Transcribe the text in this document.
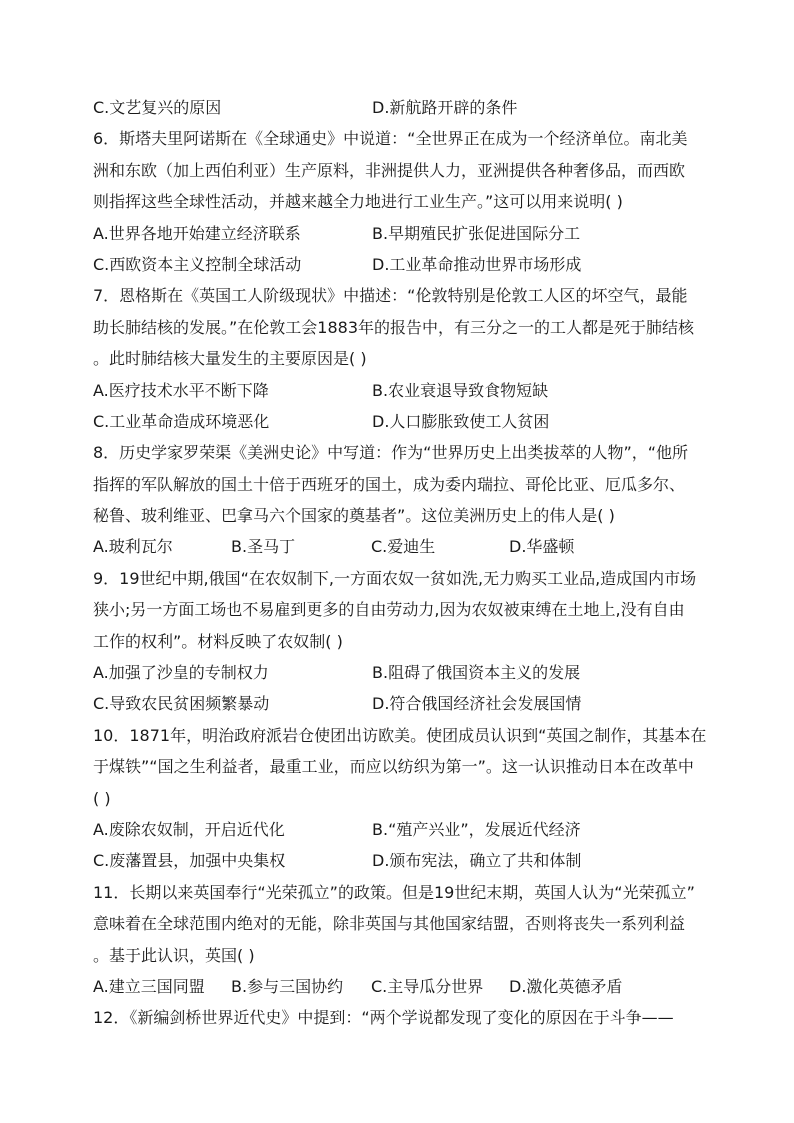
C.文艺复兴的原因	D.新航路开辟的条件
6．斯塔夫里阿诺斯在《全球通史》中说道：“全世界正在成为一个经济单位。南北美
洲和东欧（加上西伯利亚）生产原料，非洲提供人力，亚洲提供各种奢侈品，而西欧
则指挥这些全球性活动，并越来越全力地进行工业生产。”这可以用来说明( )
A.世界各地开始建立经济联系	B.早期殖民扩张促进国际分工
C.西欧资本主义控制全球活动	D.工业革命推动世界市场形成
7．恩格斯在《英国工人阶级现状》中描述：“伦敦特别是伦敦工人区的坏空气，最能
助长肺结核的发展。”在伦敦工会1883年的报告中，有三分之一的工人都是死于肺结核
。此时肺结核大量发生的主要原因是( )
A.医疗技术水平不断下降	B.农业衰退导致食物短缺
C.工业革命造成环境恶化	D.人口膨胀致使工人贫困
8．历史学家罗荣渠《美洲史论》中写道：作为“世界历史上出类拔萃的人物”，“他所
指挥的军队解放的国土十倍于西班牙的国土，成为委内瑞拉、哥伦比亚、厄瓜多尔、
秘鲁、玻利维亚、巴拿马六个国家的奠基者”。这位美洲历史上的伟人是( )
A.玻利瓦尔	B.圣马丁	C.爱迪生	D.华盛顿
9．19世纪中期,俄国“在农奴制下,一方面农奴一贫如洗,无力购买工业品,造成国内市场
狭小;另一方面工场也不易雇到更多的自由劳动力,因为农奴被束缚在土地上,没有自由
工作的权利”。材料反映了农奴制( )
A.加强了沙皇的专制权力	B.阻碍了俄国资本主义的发展
C.导致农民贫困频繁暴动	D.符合俄国经济社会发展国情
10．1871年，明治政府派岩仓使团出访欧美。使团成员认识到“英国之制作，其基本在
于煤铁”“国之生利益者，最重工业，而应以纺织为第一”。这一认识推动日本在改革中
( )
A.废除农奴制，开启近代化	B.“殖产兴业”，发展近代经济
C.废藩置县，加强中央集权	D.颁布宪法，确立了共和体制
11．长期以来英国奉行“光荣孤立”的政策。但是19世纪末期，英国人认为“光荣孤立”
意味着在全球范围内绝对的无能，除非英国与其他国家结盟，否则将丧失一系列利益
。基于此认识，英国( )
A.建立三国同盟 B.参与三国协约 C.主导瓜分世界 D.激化英德矛盾
12．《新编剑桥世界近代史》中提到：“两个学说都发现了变化的原因在于斗争——
